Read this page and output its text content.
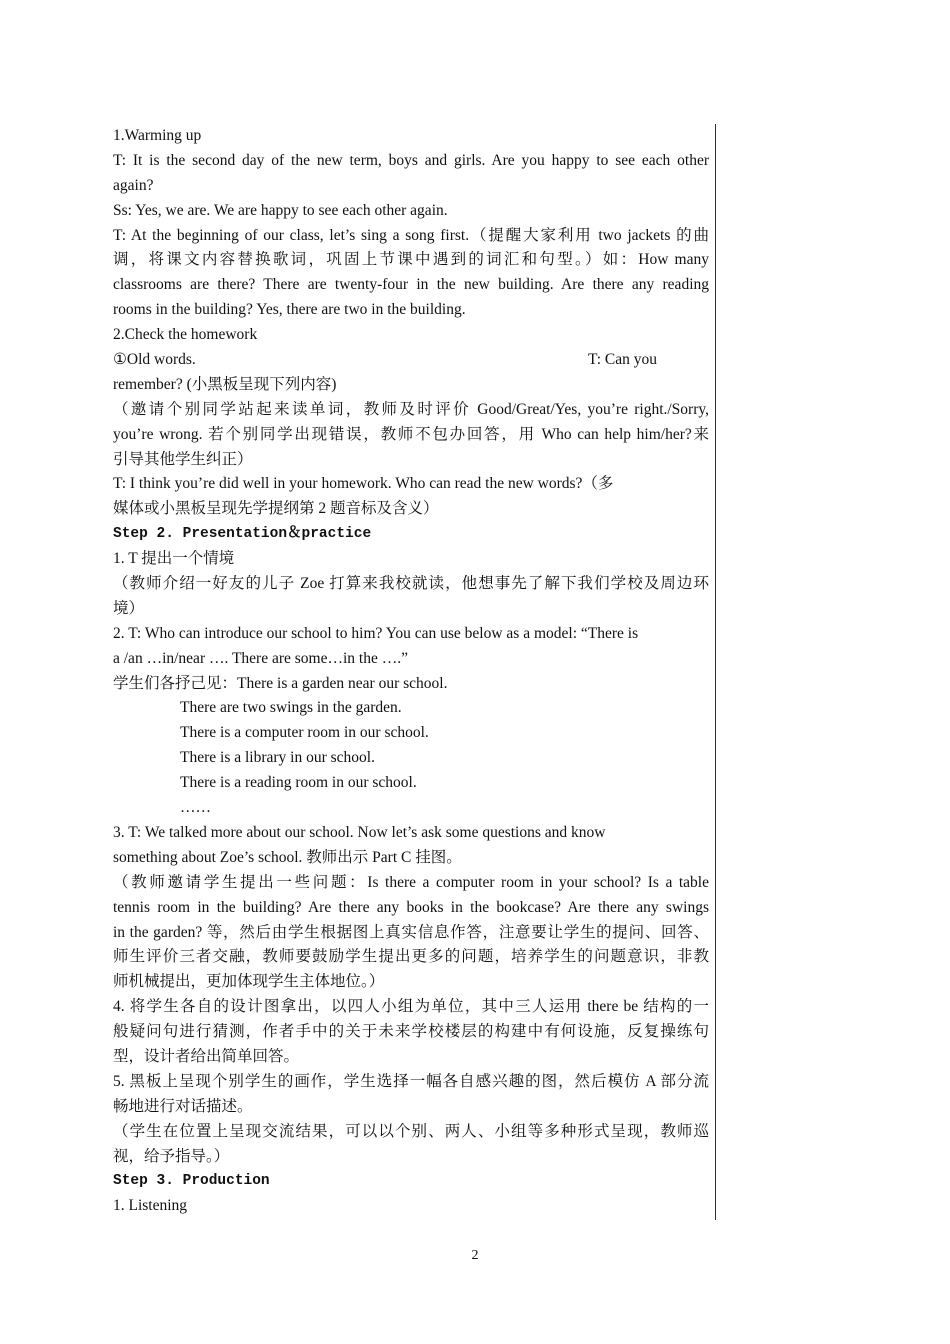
1.Warming up
T: It is the second day of the new term, boys and girls. Are you happy to see each other
again?
Ss: Yes, we are. We are happy to see each other again.
T: At the beginning of our class, let’s sing a song first.（提醒大家利用 two jackets 的曲
调，将课文内容替换歌词，巩固上节课中遇到的词汇和句型。）如：How many
classrooms are there? There are twenty-four in the new building. Are there any reading
rooms in the building? Yes, there are two in the building.
2.Check the homework
①Old words.	T: Can you
remember? (小黑板呈现下列内容)
（邀请个别同学站起来读单词，教师及时评价 Good/Great/Yes, you’re right./Sorry,
you’re wrong. 若个别同学出现错误，教师不包办回答，用 Who can help him/her?来
引导其他学生纠正）
T: I think you’re did well in your homework. Who can read the new words?（多
媒体或小黑板呈现先学提纲第 2 题音标及含义）
Step 2. Presentation＆practice
1. T 提出一个情境
（教师介绍一好友的儿子 Zoe 打算来我校就读，他想事先了解下我们学校及周边环
境）
2. T: Who can introduce our school to him? You can use below as a model: “There is
a /an …in/near …. There are some…in the ….”
学生们各抒己见：There is a garden near our school.
There are two swings in the garden.
There is a computer room in our school.
There is a library in our school.
There is a reading room in our school.
……
3. T: We talked more about our school. Now let’s ask some questions and know
something about Zoe’s school. 教师出示 Part C 挂图。
（教师邀请学生提出一些问题：Is there a computer room in your school? Is a table
tennis room in the building? Are there any books in the bookcase? Are there any swings
in the garden? 等，然后由学生根据图上真实信息作答，注意要让学生的提问、回答、
师生评价三者交融，教师要鼓励学生提出更多的问题，培养学生的问题意识，非教
师机械提出，更加体现学生主体地位。）
4. 将学生各自的设计图拿出，以四人小组为单位，其中三人运用 there be 结构的一
般疑问句进行猜测，作者手中的关于未来学校楼层的构建中有何设施，反复操练句
型，设计者给出简单回答。
5. 黑板上呈现个别学生的画作，学生选择一幅各自感兴趣的图，然后模仿 A 部分流
畅地进行对话描述。
（学生在位置上呈现交流结果，可以以个别、两人、小组等多种形式呈现，教师巡
视，给予指导。）
Step 3. Production
1. Listening
2
